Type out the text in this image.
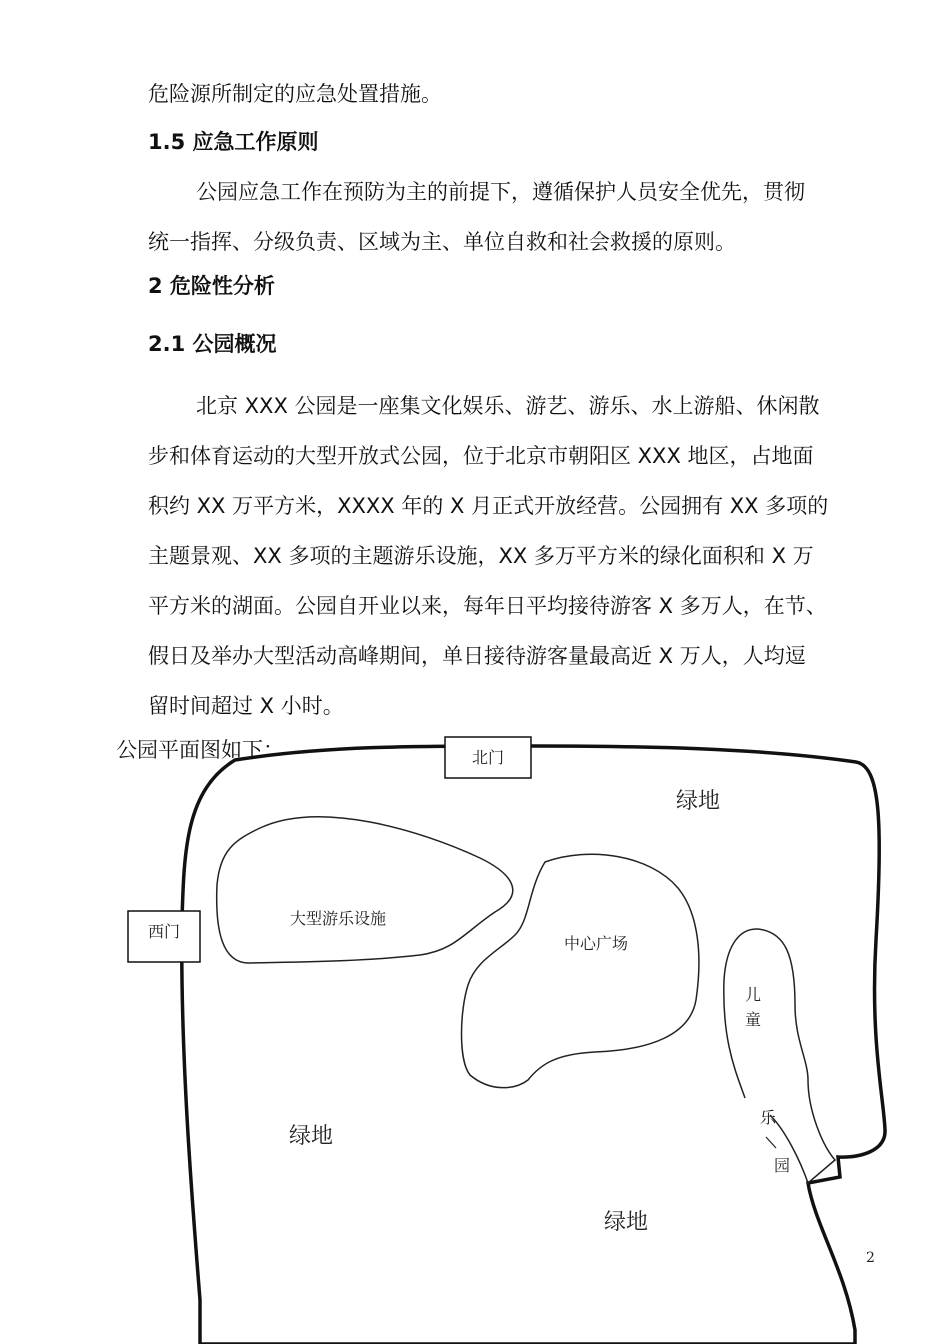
危险源所制定的应急处置措施。
1.5 应急工作原则
公园应急工作在预防为主的前提下，遵循保护人员安全优先，贯彻
统一指挥、分级负责、区域为主、单位自救和社会救援的原则。
2 危险性分析
2.1 公园概况
北京 XXX 公园是一座集文化娱乐、游艺、游乐、水上游船、休闲散
步和体育运动的大型开放式公园，位于北京市朝阳区 XXX 地区，占地面
积约 XX 万平方米，XXXX 年的 X 月正式开放经营。公园拥有 XX 多项的
主题景观、XX 多项的主题游乐设施，XX 多万平方米的绿化面积和 X 万
平方米的湖面。公园自开业以来，每年日平均接待游客 X 多万人，在节、
假日及举办大型活动高峰期间，单日接待游客量最高近 X 万人，人均逗
留时间超过 X 小时。
公园平面图如下：	北门
西门
大型游乐设施
中心广场
儿
童
乐
园
绿地
绿地
绿地
2
